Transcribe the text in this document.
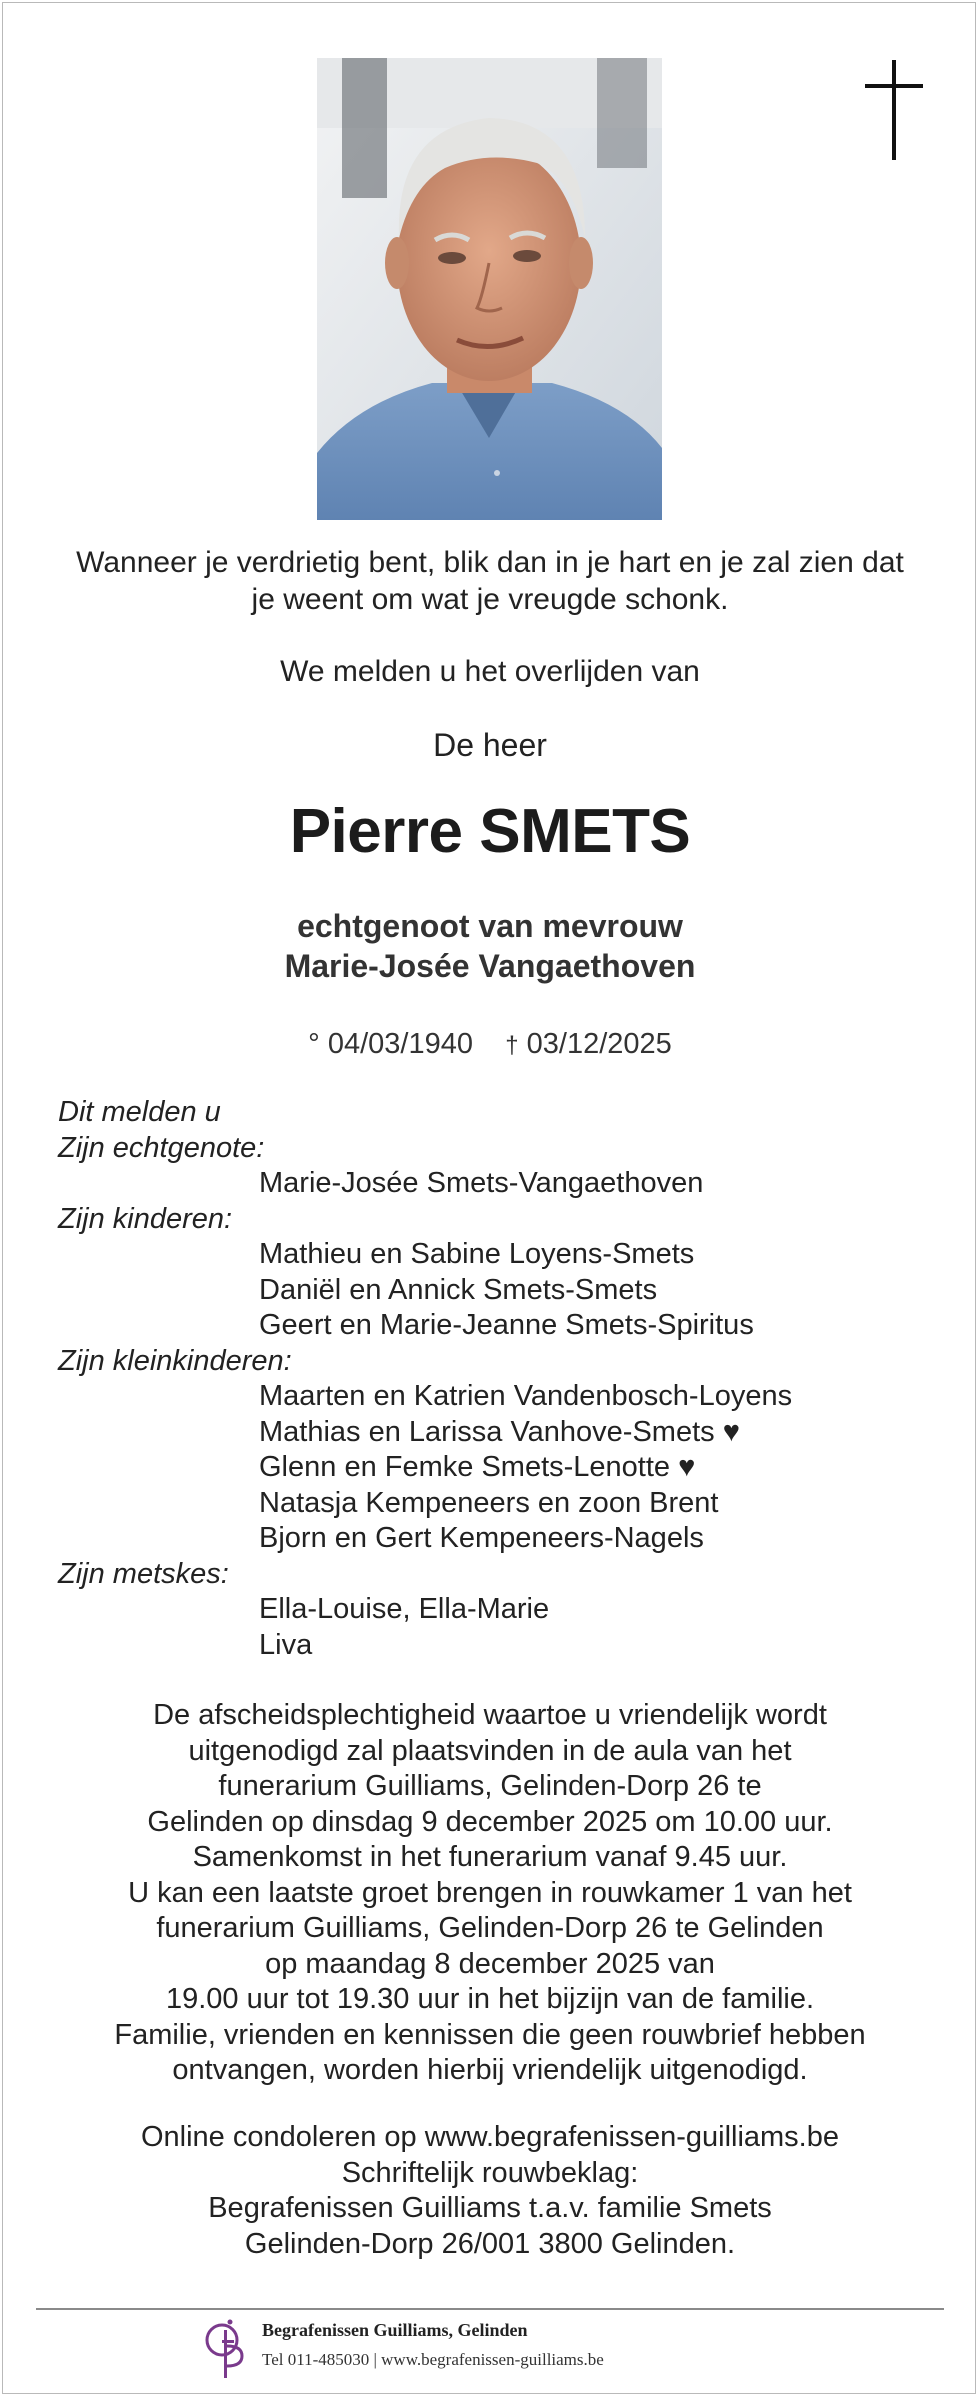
Wanneer je verdrietig bent, blik dan in je hart en je zal zien dat
je weent om wat je vreugde schonk.
We melden u het overlijden van
De heer
Pierre SMETS
echtgenoot van mevrouw
Marie-Josée Vangaethoven
° 04/03/1940 † 03/12/2025
Dit melden u
Zijn echtgenote:
Marie-Josée Smets-Vangaethoven
Zijn kinderen:
Mathieu en Sabine Loyens-Smets
Daniël en Annick Smets-Smets
Geert en Marie-Jeanne Smets-Spiritus
Zijn kleinkinderen:
Maarten en Katrien Vandenbosch-Loyens
Mathias en Larissa Vanhove-Smets ♥
Glenn en Femke Smets-Lenotte ♥
Natasja Kempeneers en zoon Brent
Bjorn en Gert Kempeneers-Nagels
Zijn metskes:
Ella-Louise, Ella-Marie
Liva
De afscheidsplechtigheid waartoe u vriendelijk wordt
uitgenodigd zal plaatsvinden in de aula van het
funerarium Guilliams, Gelinden-Dorp 26 te
Gelinden op dinsdag 9 december 2025 om 10.00 uur.
Samenkomst in het funerarium vanaf 9.45 uur.
U kan een laatste groet brengen in rouwkamer 1 van het
funerarium Guilliams, Gelinden-Dorp 26 te Gelinden
op maandag 8 december 2025 van
19.00 uur tot 19.30 uur in het bijzijn van de familie.
Familie, vrienden en kennissen die geen rouwbrief hebben
ontvangen, worden hierbij vriendelijk uitgenodigd.
Online condoleren op www.begrafenissen-guilliams.be
Schriftelijk rouwbeklag:
Begrafenissen Guilliams t.a.v. familie Smets
Gelinden-Dorp 26/001 3800 Gelinden.
Begrafenissen Guilliams, Gelinden
Tel 011-485030 | www.begrafenissen-guilliams.be
